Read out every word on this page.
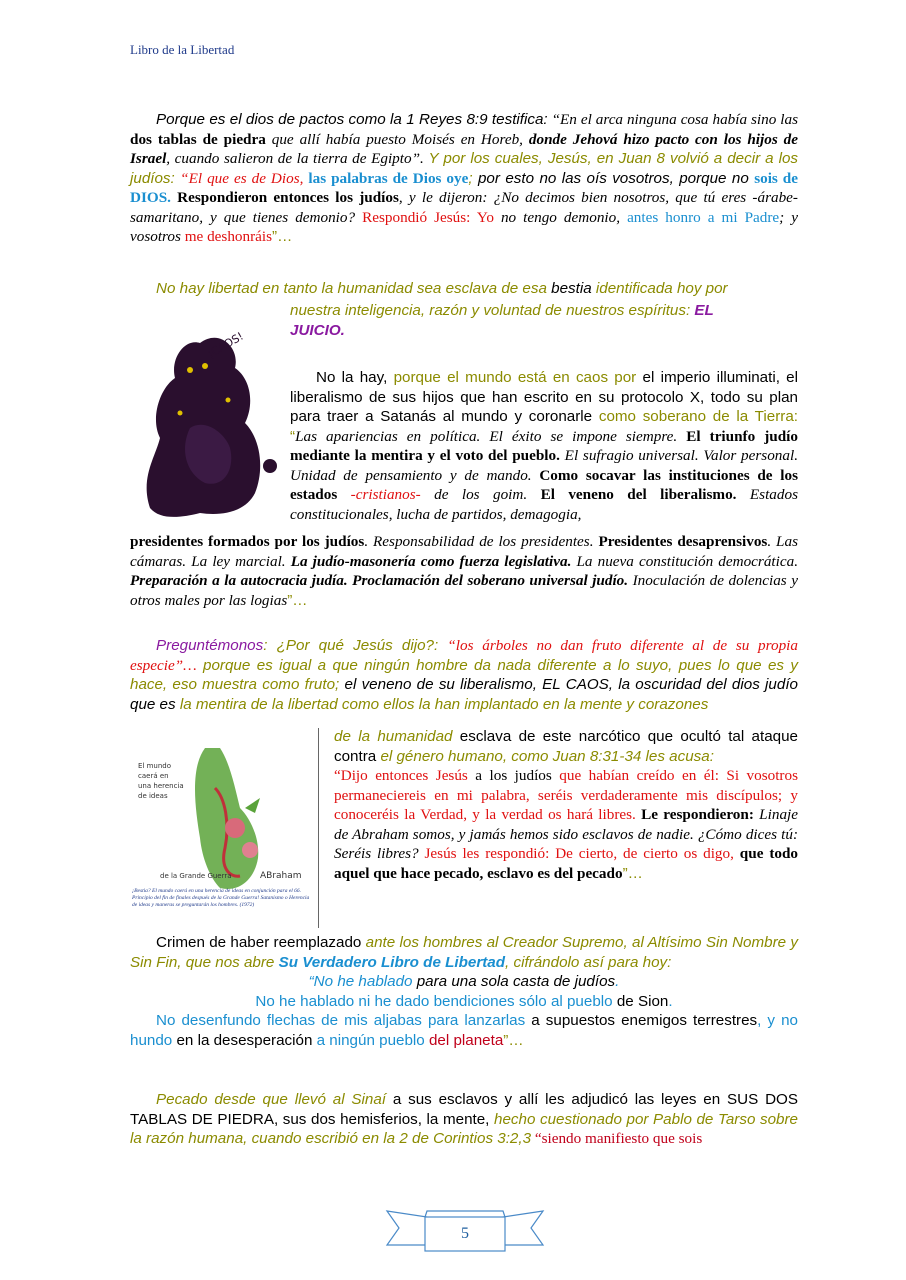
Libro de la Libertad
Porque es el dios de pactos como la 1 Reyes 8:9 testifica: “En el arca ninguna cosa había sino las dos tablas de piedra que allí había puesto Moisés en Horeb, donde Jehová hizo pacto con los hijos de Israel, cuando salieron de la tierra de Egipto”. Y por los cuales, Jesús, en Juan 8 volvió a decir a los judíos: “El que es de Dios, las palabras de Dios oye; por esto no las oís vosotros, porque no sois de DIOS. Respondieron entonces los judíos, y le dijeron: ¿No decimos bien nosotros, que tú eres -árabe- samaritano, y que tienes demonio? Respondió Jesús: Yo no tengo demonio, antes honro a mi Padre; y vosotros me deshonráis”…
No hay libertad en tanto la humanidad sea esclava de esa bestia identificada hoy por
nuestra inteligencia, razón y voluntad de nuestros espíritus: EL
JUICIO.
¡CAOS!
No la hay, porque el mundo está en caos por el imperio illuminati, el liberalismo de sus hijos que han escrito en su protocolo X, todo su plan para traer a Satanás al mundo y coronarle como soberano de la Tierra: “Las apariencias en política. El éxito se impone siempre. El triunfo judío mediante la mentira y el voto del pueblo. El sufragio universal. Valor personal. Unidad de pensamiento y de mando. Como socavar las instituciones de los estados -cristianos- de los goim. El veneno del liberalismo. Estados constitucionales, lucha de partidos, demagogia,
presidentes formados por los judíos. Responsabilidad de los presidentes. Presidentes desaprensivos. Las cámaras. La ley marcial. La judío-masonería como fuerza legislativa. La nueva constitución democrática. Preparación a la autocracia judía. Proclamación del soberano universal judío. Inoculación de dolencias y otros males por las logias”…
Preguntémonos: ¿Por qué Jesús dijo?: “los árboles no dan fruto diferente al de su propia especie”… porque es igual a que ningún hombre da nada diferente a lo suyo, pues lo que es y hace, eso muestra como fruto; el veneno de su liberalismo, EL CAOS, la oscuridad del dios judío que es la mentira de la libertad como ellos la han implantado en la mente y corazones
El mundo
caerá en
una herencia
de ideas
de la Grande Guerra	ABraham
¡Bestia? El mundo caerá en una herencia de ideas en conjunción para el 66. Principio del fin de finales después de la Grande Guerra! Satanismo o Herencia de ideas y maneras se preguntarán los hombres. (1972)
de la humanidad esclava de este narcótico que ocultó tal ataque contra el género humano, como Juan 8:31-34 les acusa:
“Dijo entonces Jesús a los judíos que habían creído en él: Si vosotros permaneciereis en mi palabra, seréis verdaderamente mis discípulos; y conoceréis la Verdad, y la verdad os hará libres. Le respondieron: Linaje de Abraham somos, y jamás hemos sido esclavos de nadie. ¿Cómo dices tú: Seréis libres? Jesús les respondió: De cierto, de cierto os digo, que todo aquel que hace pecado, esclavo es del pecado”…
Crimen de haber reemplazado ante los hombres al Creador Supremo, al Altísimo Sin Nombre y Sin Fin, que nos abre Su Verdadero Libro de Libertad, cifrándolo así para hoy:
“No he hablado para una sola casta de judíos.
No he hablado ni he dado bendiciones sólo al pueblo de Sion.
No desenfundo flechas de mis aljabas para lanzarlas a supuestos enemigos terrestres, y no hundo en la desesperación a ningún pueblo del planeta”…
Pecado desde que llevó al Sinaí a sus esclavos y allí les adjudicó las leyes en SUS DOS TABLAS DE PIEDRA, sus dos hemisferios, la mente, hecho cuestionado por Pablo de Tarso sobre la razón humana, cuando escribió en la 2 de Corintios 3:2,3 “siendo manifiesto que sois
5
